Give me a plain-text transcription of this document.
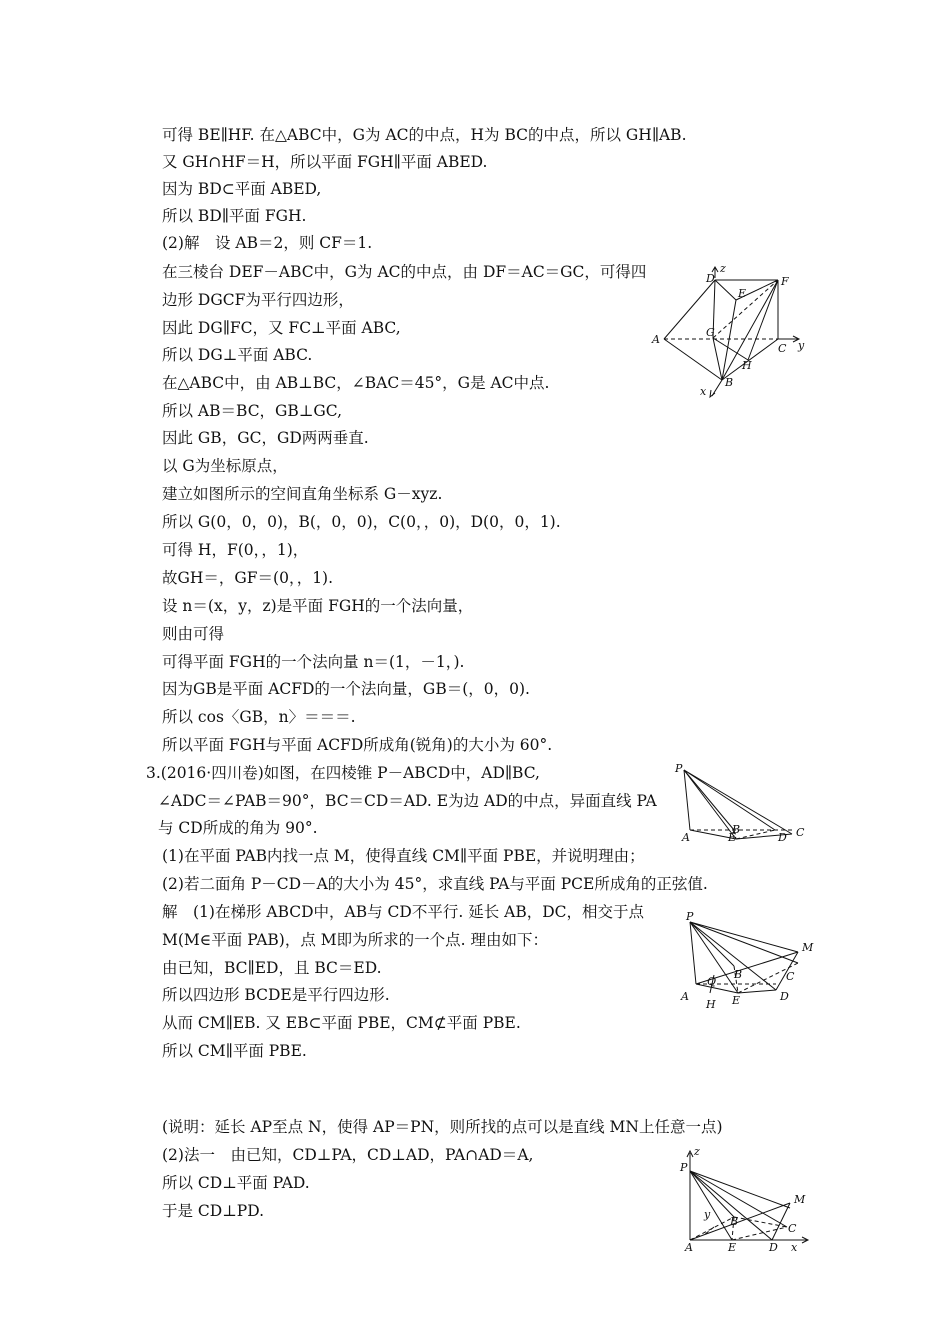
可得 BE∥HF. 在△ABC中，G为 AC的中点，H为 BC的中点，所以 GH∥AB.
又 GH∩HF＝H，所以平面 FGH∥平面 ABED.
因为 BD⊂平面 ABED,
所以 BD∥平面 FGH.
(2)解　设 AB＝2，则 CF＝1.
在三棱台 DEF－ABC中，G为 AC的中点，由 DF＝AC＝GC，可得四
边形 DGCF为平行四边形，
因此 DG∥FC，又 FC⊥平面 ABC,
所以 DG⊥平面 ABC.
在△ABC中，由 AB⊥BC，∠BAC＝45°，G是 AC中点.
所以 AB＝BC，GB⊥GC,
因此 GB，GC，GD两两垂直.
以 G为坐标原点，
建立如图所示的空间直角坐标系 G－xyz.
所以 G(0，0，0)，B(，0，0)，C(0，，0)，D(0，0，1).
可得 H，F(0，，1)，
故GH＝，GF＝(0，，1).
设 n＝(x，y，z)是平面 FGH的一个法向量，
则由可得
可得平面 FGH的一个法向量 n＝(1，－1，).
因为GB是平面 ACFD的一个法向量，GB＝(，0，0).
所以 cos〈GB，n〉＝＝＝.
所以平面 FGH与平面 ACFD所成角(锐角)的大小为 60°.
3.(2016·四川卷)如图，在四棱锥 P－ABCD中，AD∥BC,
∠ADC＝∠PAB＝90°，BC＝CD＝AD. E为边 AD的中点，异面直线 PA
与 CD所成的角为 90°.
(1)在平面 PAB内找一点 M，使得直线 CM∥平面 PBE，并说明理由；
(2)若二面角 P－CD－A的大小为 45°，求直线 PA与平面 PCE所成角的正弦值.
解　(1)在梯形 ABCD中，AB与 CD不平行. 延长 AB，DC，相交于点
M(M∈平面 PAB)，点 M即为所求的一个点. 理由如下：
由已知，BC∥ED，且 BC＝ED.
所以四边形 BCDE是平行四边形.
从而 CM∥EB. 又 EB⊂平面 PBE，CM⊄平面 PBE.
所以 CM∥平面 PBE.
(说明：延长 AP至点 N，使得 AP＝PN，则所找的点可以是直线 MN上任意一点)
(2)法一　由已知，CD⊥PA，CD⊥AD，PA∩AD＝A,
所以 CD⊥平面 PAD.
于是 CD⊥PD.
z
D
E
F
G
A
C y
H
B
x
P
B	C
A	E	D
P
M
B	C
Q
A	E	D
H
z
P
M
y
B
C
A	E	D x
